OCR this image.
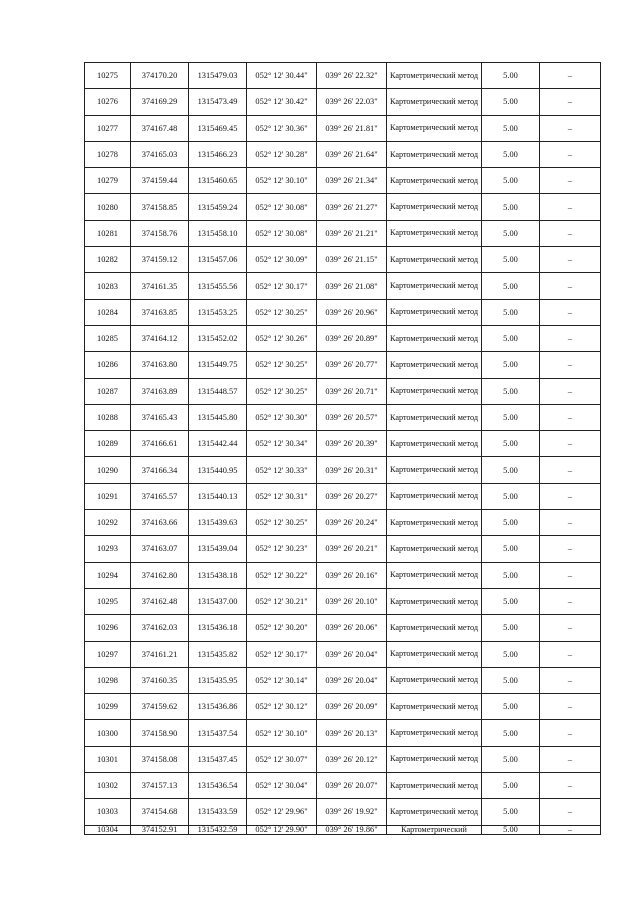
10275	374170.20	1315479.03	052° 12' 30.44"	039° 26' 22.32"	Картометрический метод	5.00	–
10276	374169.29	1315473.49	052° 12' 30.42"	039° 26' 22.03"	Картометрический метод	5.00	–
10277	374167.48	1315469.45	052° 12' 30.36"	039° 26' 21.81"	Картометрический метод	5.00	–
10278	374165.03	1315466.23	052° 12' 30.28"	039° 26' 21.64"	Картометрический метод	5.00	–
10279	374159.44	1315460.65	052° 12' 30.10"	039° 26' 21.34"	Картометрический метод	5.00	–
10280	374158.85	1315459.24	052° 12' 30.08"	039° 26' 21.27"	Картометрический метод	5.00	–
10281	374158.76	1315458.10	052° 12' 30.08"	039° 26' 21.21"	Картометрический метод	5.00	–
10282	374159.12	1315457.06	052° 12' 30.09"	039° 26' 21.15"	Картометрический метод	5.00	–
10283	374161.35	1315455.56	052° 12' 30.17"	039° 26' 21.08"	Картометрический метод	5.00	–
10284	374163.85	1315453.25	052° 12' 30.25"	039° 26' 20.96"	Картометрический метод	5.00	–
10285	374164.12	1315452.02	052° 12' 30.26"	039° 26' 20.89"	Картометрический метод	5.00	–
10286	374163.80	1315449.75	052° 12' 30.25"	039° 26' 20.77"	Картометрический метод	5.00	–
10287	374163.89	1315448.57	052° 12' 30.25"	039° 26' 20.71"	Картометрический метод	5.00	–
10288	374165.43	1315445.80	052° 12' 30.30"	039° 26' 20.57"	Картометрический метод	5.00	–
10289	374166.61	1315442.44	052° 12' 30.34"	039° 26' 20.39"	Картометрический метод	5.00	–
10290	374166.34	1315440.95	052° 12' 30.33"	039° 26' 20.31"	Картометрический метод	5.00	–
10291	374165.57	1315440.13	052° 12' 30.31"	039° 26' 20.27"	Картометрический метод	5.00	–
10292	374163.66	1315439.63	052° 12' 30.25"	039° 26' 20.24"	Картометрический метод	5.00	–
10293	374163.07	1315439.04	052° 12' 30.23"	039° 26' 20.21"	Картометрический метод	5.00	–
10294	374162.80	1315438.18	052° 12' 30.22"	039° 26' 20.16"	Картометрический метод	5.00	–
10295	374162.48	1315437.00	052° 12' 30.21"	039° 26' 20.10"	Картометрический метод	5.00	–
10296	374162.03	1315436.18	052° 12' 30.20"	039° 26' 20.06"	Картометрический метод	5.00	–
10297	374161.21	1315435.82	052° 12' 30.17"	039° 26' 20.04"	Картометрический метод	5.00	–
10298	374160.35	1315435.95	052° 12' 30.14"	039° 26' 20.04"	Картометрический метод	5.00	–
10299	374159.62	1315436.86	052° 12' 30.12"	039° 26' 20.09"	Картометрический метод	5.00	–
10300	374158.90	1315437.54	052° 12' 30.10"	039° 26' 20.13"	Картометрический метод	5.00	–
10301	374158.08	1315437.45	052° 12' 30.07"	039° 26' 20.12"	Картометрический метод	5.00	–
10302	374157.13	1315436.54	052° 12' 30.04"	039° 26' 20.07"	Картометрический метод	5.00	–
10303	374154.68	1315433.59	052° 12' 29.96"	039° 26' 19.92"	Картометрический метод	5.00	–
10304	374152.91	1315432.59	052° 12' 29.90"	039° 26' 19.86"	Картометрический	5.00	–
